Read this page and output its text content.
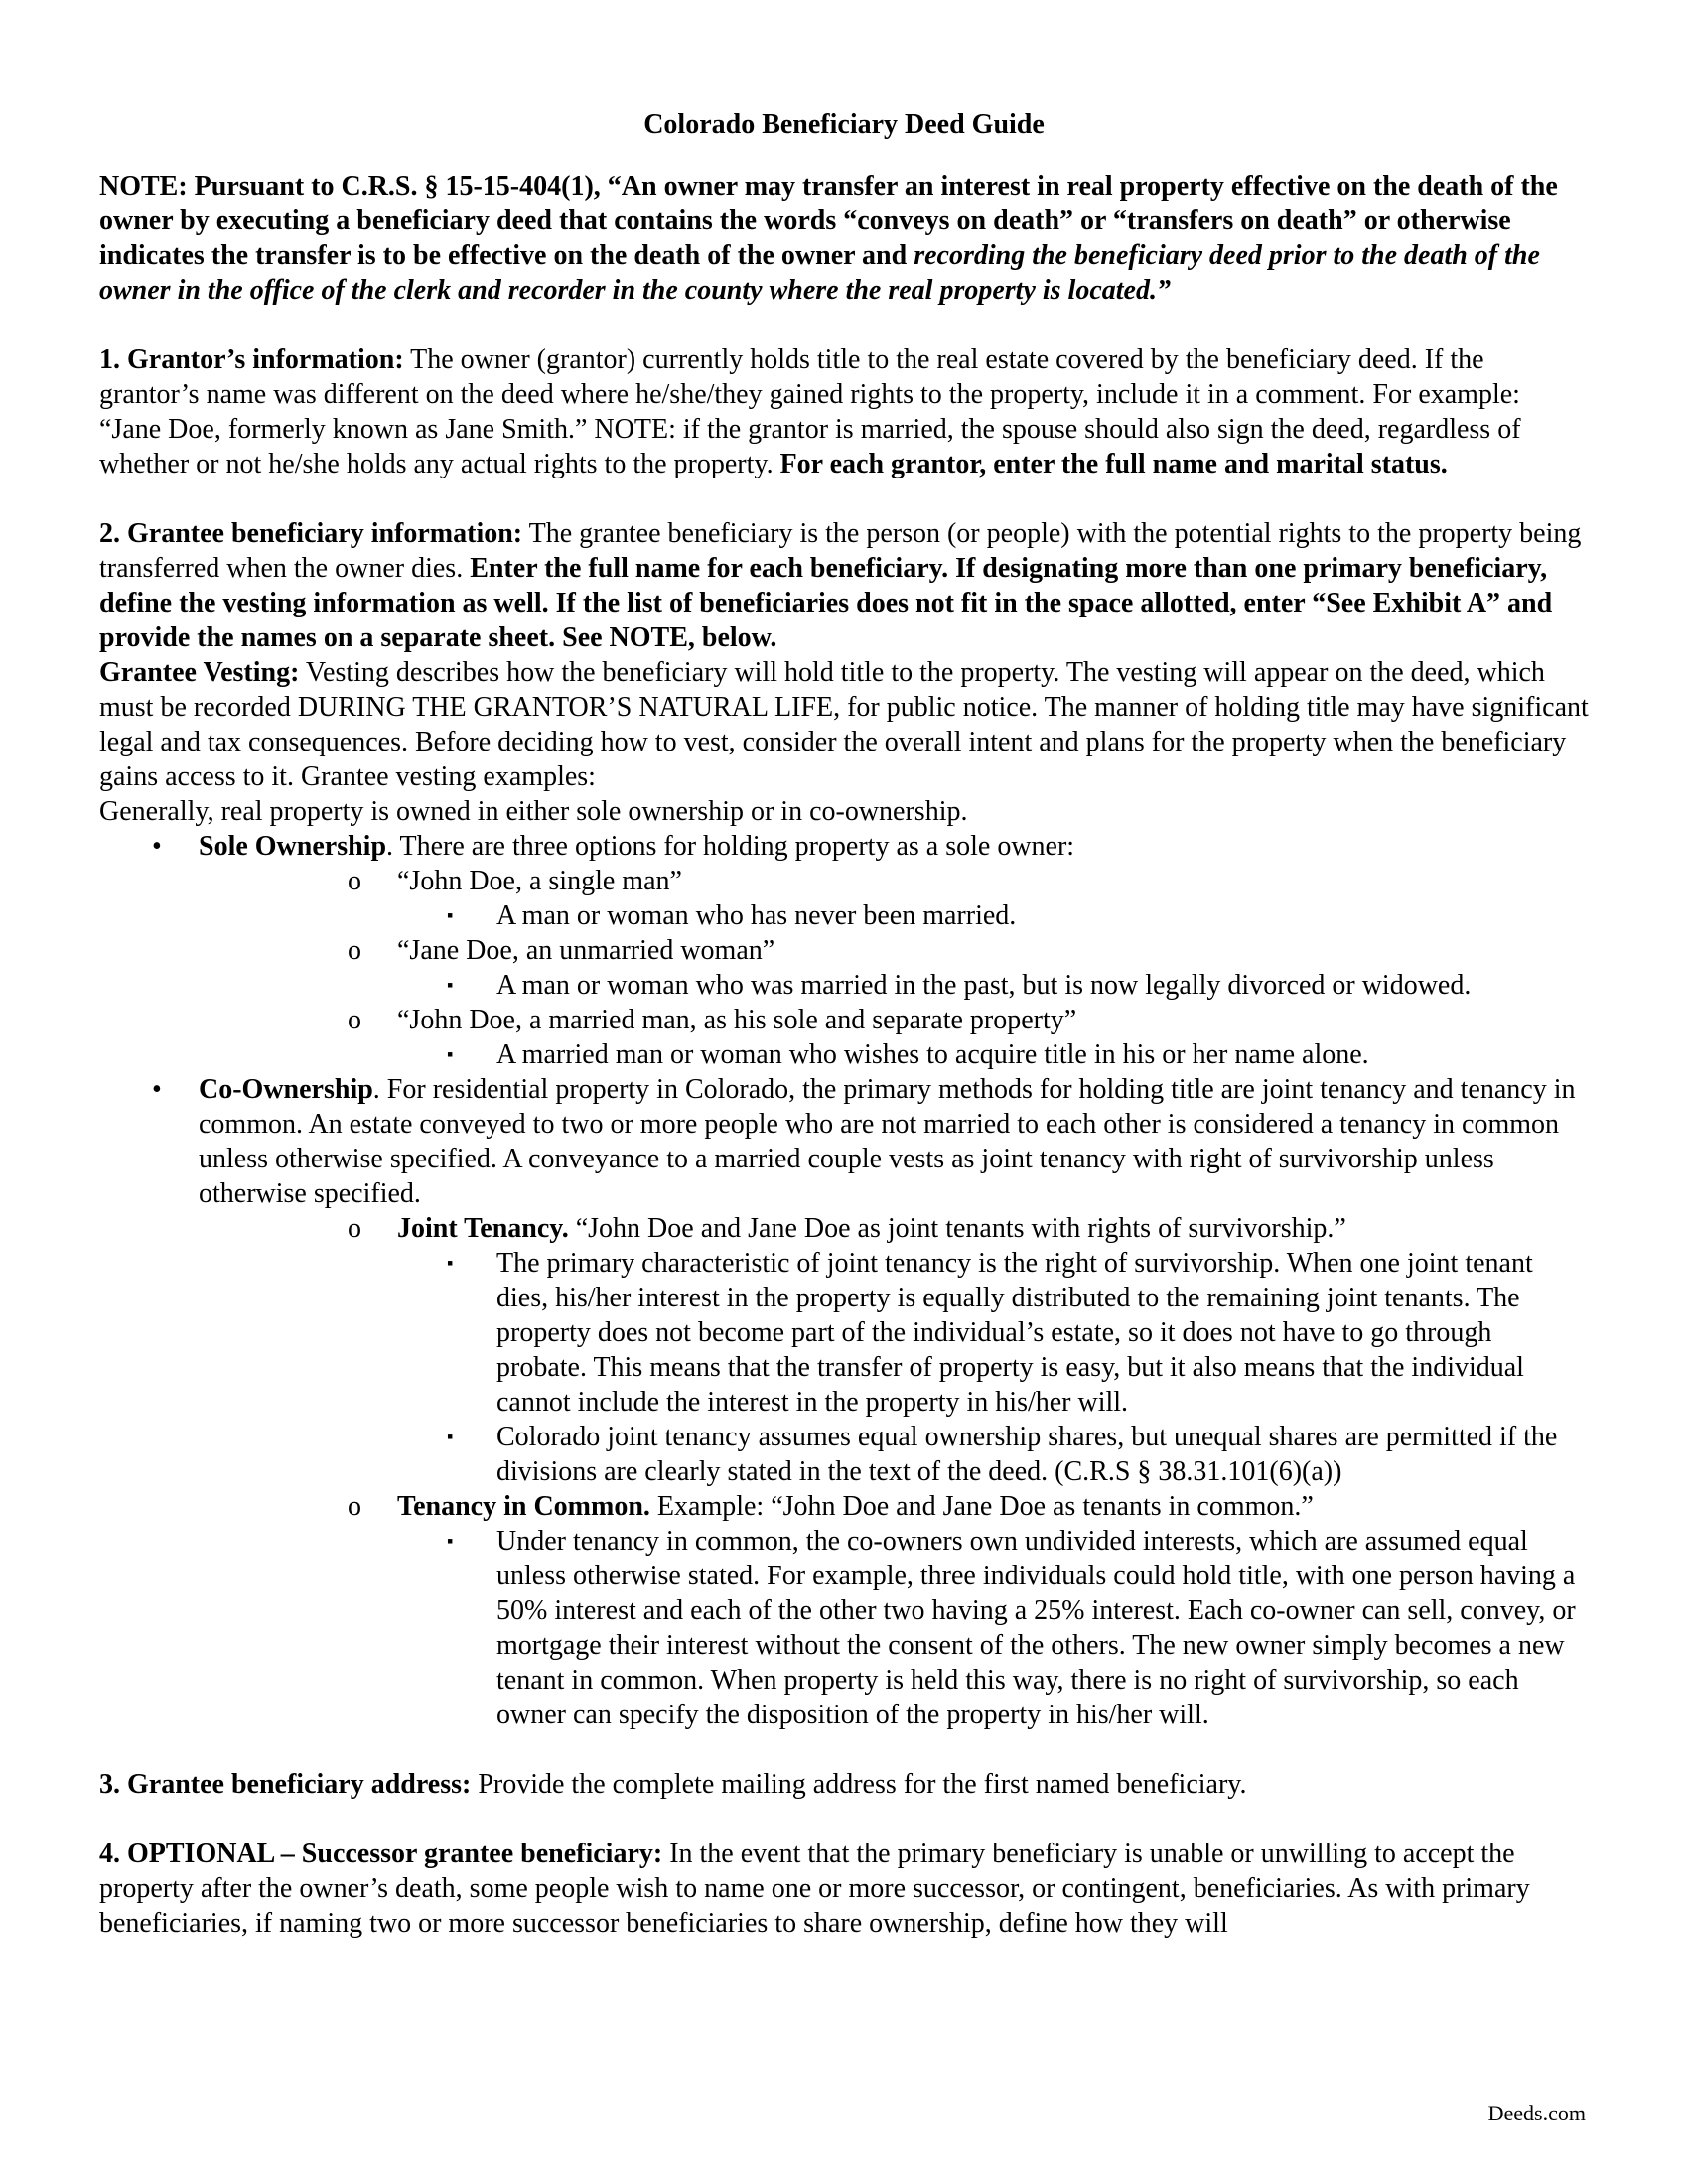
Colorado Beneficiary Deed Guide

NOTE: Pursuant to C.R.S. § 15-15-404(1), “An owner may transfer an interest in real property effective on the death of the owner by executing a beneficiary deed that contains the words “conveys on death” or “transfers on death” or otherwise indicates the transfer is to be effective on the death of the owner and recording the beneficiary deed prior to the death of the owner in the office of the clerk and recorder in the county where the real property is located.”

1. Grantor’s information: The owner (grantor) currently holds title to the real estate covered by the beneficiary deed. If the grantor’s name was different on the deed where he/she/they gained rights to the property, include it in a comment. For example: “Jane Doe, formerly known as Jane Smith.” NOTE: if the grantor is married, the spouse should also sign the deed, regardless of whether or not he/she holds any actual rights to the property. For each grantor, enter the full name and marital status.

2. Grantee beneficiary information: The grantee beneficiary is the person (or people) with the potential rights to the property being transferred when the owner dies. Enter the full name for each beneficiary. If designating more than one primary beneficiary, define the vesting information as well. If the list of beneficiaries does not fit in the space allotted, enter “See Exhibit A” and provide the names on a separate sheet. See NOTE, below.

Grantee Vesting: Vesting describes how the beneficiary will hold title to the property. The vesting will appear on the deed, which must be recorded DURING THE GRANTOR’S NATURAL LIFE, for public notice. The manner of holding title may have significant legal and tax consequences. Before deciding how to vest, consider the overall intent and plans for the property when the beneficiary gains access to it. Grantee vesting examples:

Generally, real property is owned in either sole ownership or in co-ownership.

• Sole Ownership. There are three options for holding property as a sole owner:
o “John Doe, a single man”
▪ A man or woman who has never been married.
o “Jane Doe, an unmarried woman”
▪ A man or woman who was married in the past, but is now legally divorced or widowed.
o “John Doe, a married man, as his sole and separate property”
▪ A married man or woman who wishes to acquire title in his or her name alone.
• Co-Ownership. For residential property in Colorado, the primary methods for holding title are joint tenancy and tenancy in common. An estate conveyed to two or more people who are not married to each other is considered a tenancy in common unless otherwise specified. A conveyance to a married couple vests as joint tenancy with right of survivorship unless otherwise specified.
o Joint Tenancy. “John Doe and Jane Doe as joint tenants with rights of survivorship.”
▪ The primary characteristic of joint tenancy is the right of survivorship. When one joint tenant dies, his/her interest in the property is equally distributed to the remaining joint tenants. The property does not become part of the individual’s estate, so it does not have to go through probate. This means that the transfer of property is easy, but it also means that the individual cannot include the interest in the property in his/her will.
▪ Colorado joint tenancy assumes equal ownership shares, but unequal shares are permitted if the divisions are clearly stated in the text of the deed. (C.R.S § 38.31.101(6)(a))
o Tenancy in Common. Example: “John Doe and Jane Doe as tenants in common.”
▪ Under tenancy in common, the co-owners own undivided interests, which are assumed equal unless otherwise stated. For example, three individuals could hold title, with one person having a 50% interest and each of the other two having a 25% interest. Each co-owner can sell, convey, or mortgage their interest without the consent of the others. The new owner simply becomes a new tenant in common. When property is held this way, there is no right of survivorship, so each owner can specify the disposition of the property in his/her will.

3. Grantee beneficiary address: Provide the complete mailing address for the first named beneficiary.

4. OPTIONAL – Successor grantee beneficiary: In the event that the primary beneficiary is unable or unwilling to accept the property after the owner’s death, some people wish to name one or more successor, or contingent, beneficiaries. As with primary beneficiaries, if naming two or more successor beneficiaries to share ownership, define how they will

Deeds.com
